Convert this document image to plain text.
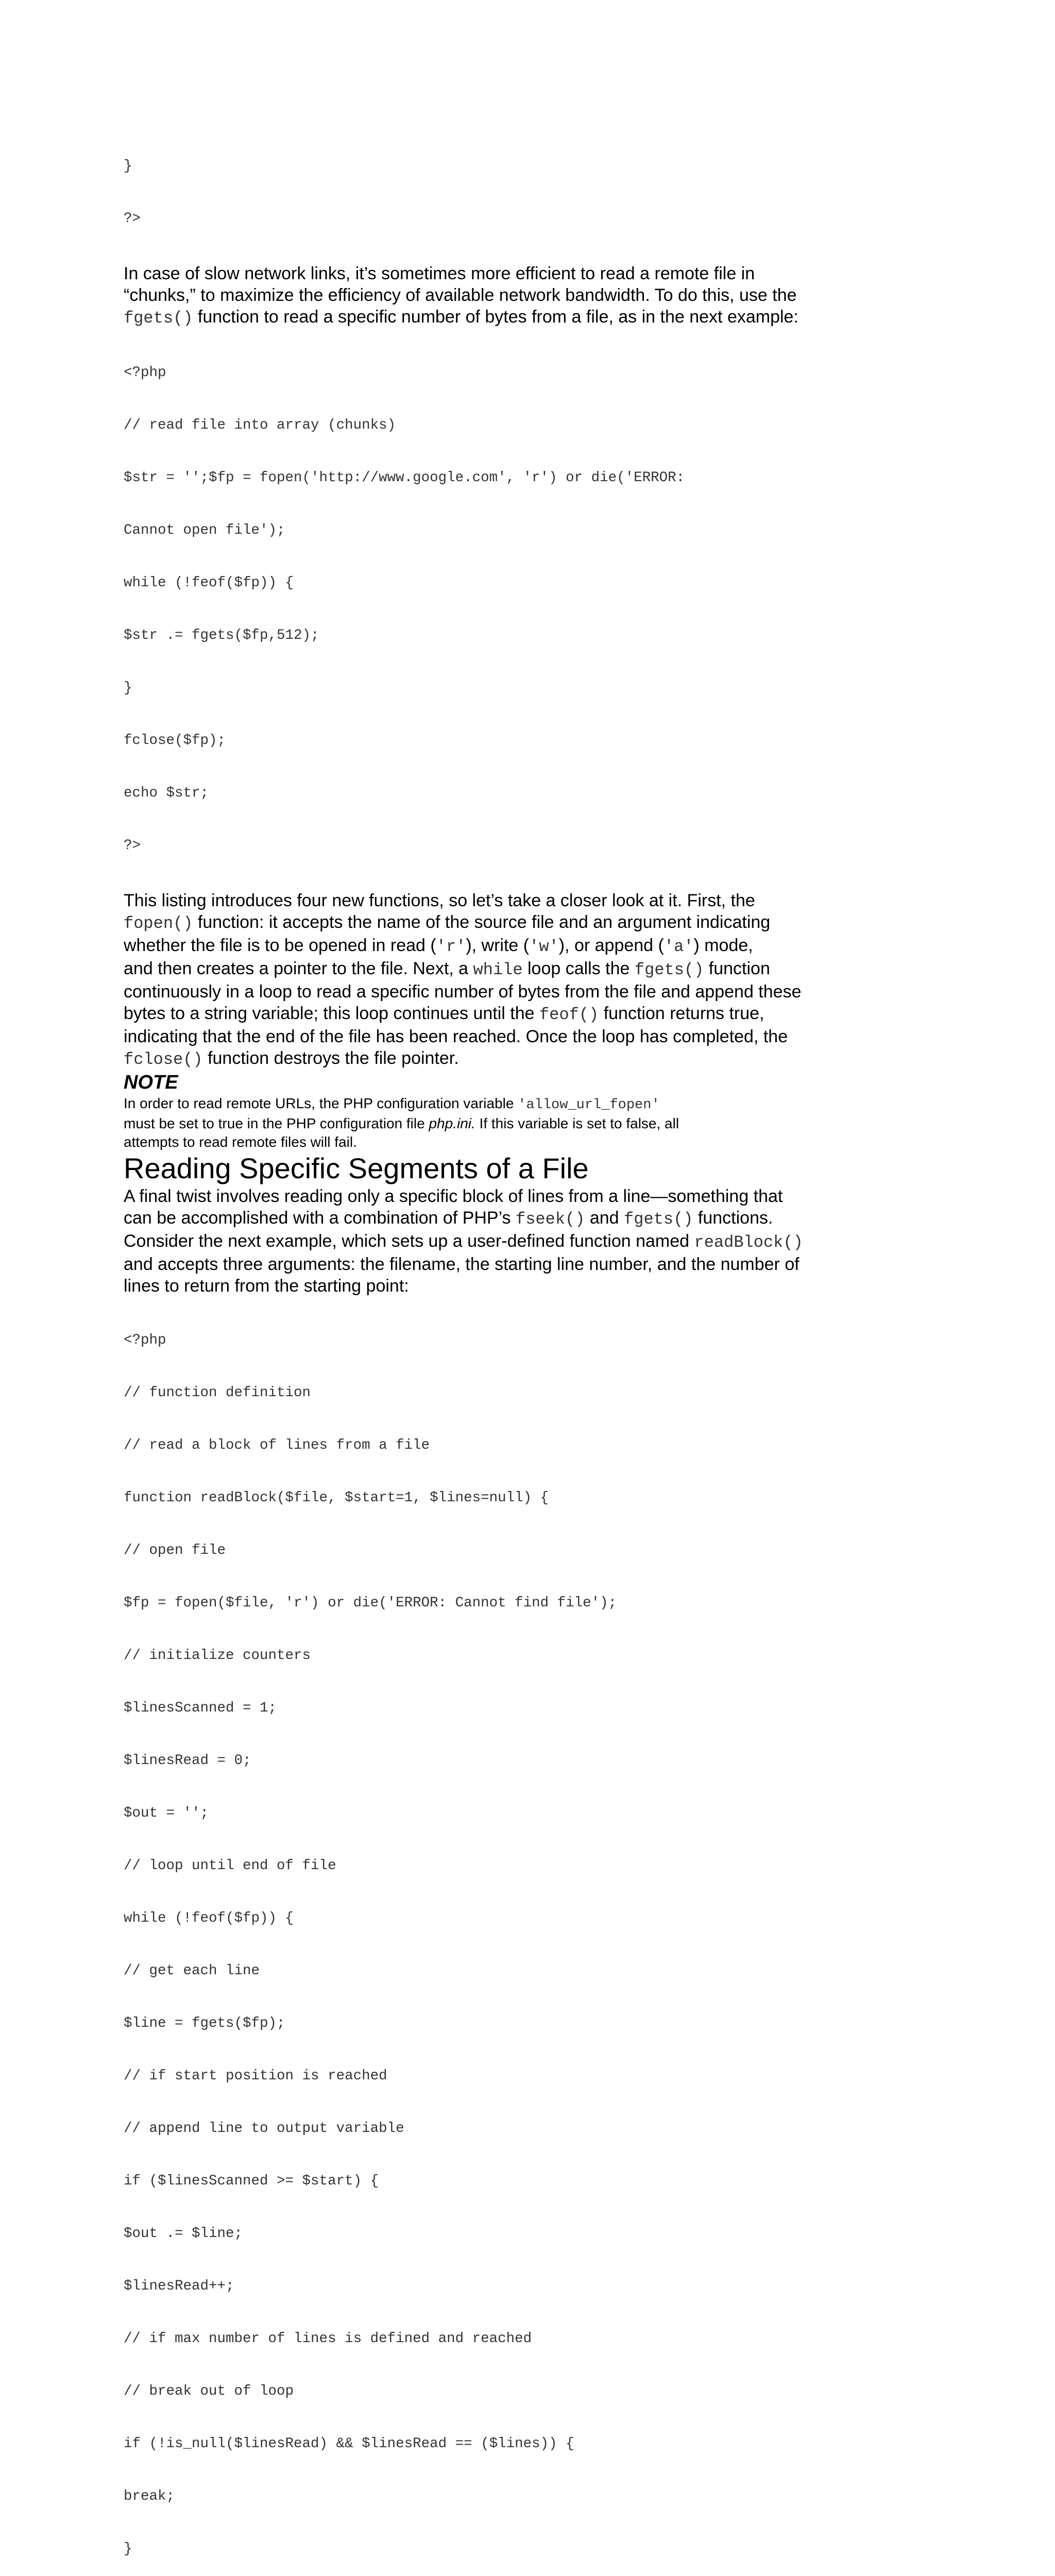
}

?>

In case of slow network links, it’s sometimes more efficient to read a remote file in
“chunks,” to maximize the efficiency of available network bandwidth. To do this, use the
fgets() function to read a specific number of bytes from a file, as in the next example:

<?php

// read file into array (chunks)

$str = '';$fp = fopen('http://www.google.com', 'r') or die('ERROR:

Cannot open file');

while (!feof($fp)) {

$str .= fgets($fp,512);

}

fclose($fp);

echo $str;

?>

This listing introduces four new functions, so let’s take a closer look at it. First, the
fopen() function: it accepts the name of the source file and an argument indicating
whether the file is to be opened in read ('r'), write ('w'), or append ('a') mode,
and then creates a pointer to the file. Next, a while loop calls the fgets() function
continuously in a loop to read a specific number of bytes from the file and append these
bytes to a string variable; this loop continues until the feof() function returns true,
indicating that the end of the file has been reached. Once the loop has completed, the
fclose() function destroys the file pointer.
NOTE
In order to read remote URLs, the PHP configuration variable 'allow_url_fopen'
must be set to true in the PHP configuration file php.ini. If this variable is set to false, all
attempts to read remote files will fail.
Reading Specific Segments of a File
A final twist involves reading only a specific block of lines from a line—something that
can be accomplished with a combination of PHP’s fseek() and fgets() functions.
Consider the next example, which sets up a user-defined function named readBlock()
and accepts three arguments: the filename, the starting line number, and the number of
lines to return from the starting point:

<?php

// function definition

// read a block of lines from a file

function readBlock($file, $start=1, $lines=null) {

// open file

$fp = fopen($file, 'r') or die('ERROR: Cannot find file');

// initialize counters

$linesScanned = 1;

$linesRead = 0;

$out = '';

// loop until end of file

while (!feof($fp)) {

// get each line

$line = fgets($fp);

// if start position is reached

// append line to output variable

if ($linesScanned >= $start) {

$out .= $line;

$linesRead++;

// if max number of lines is defined and reached

// break out of loop

if (!is_null($linesRead) && $linesRead == ($lines)) {

break;

}
